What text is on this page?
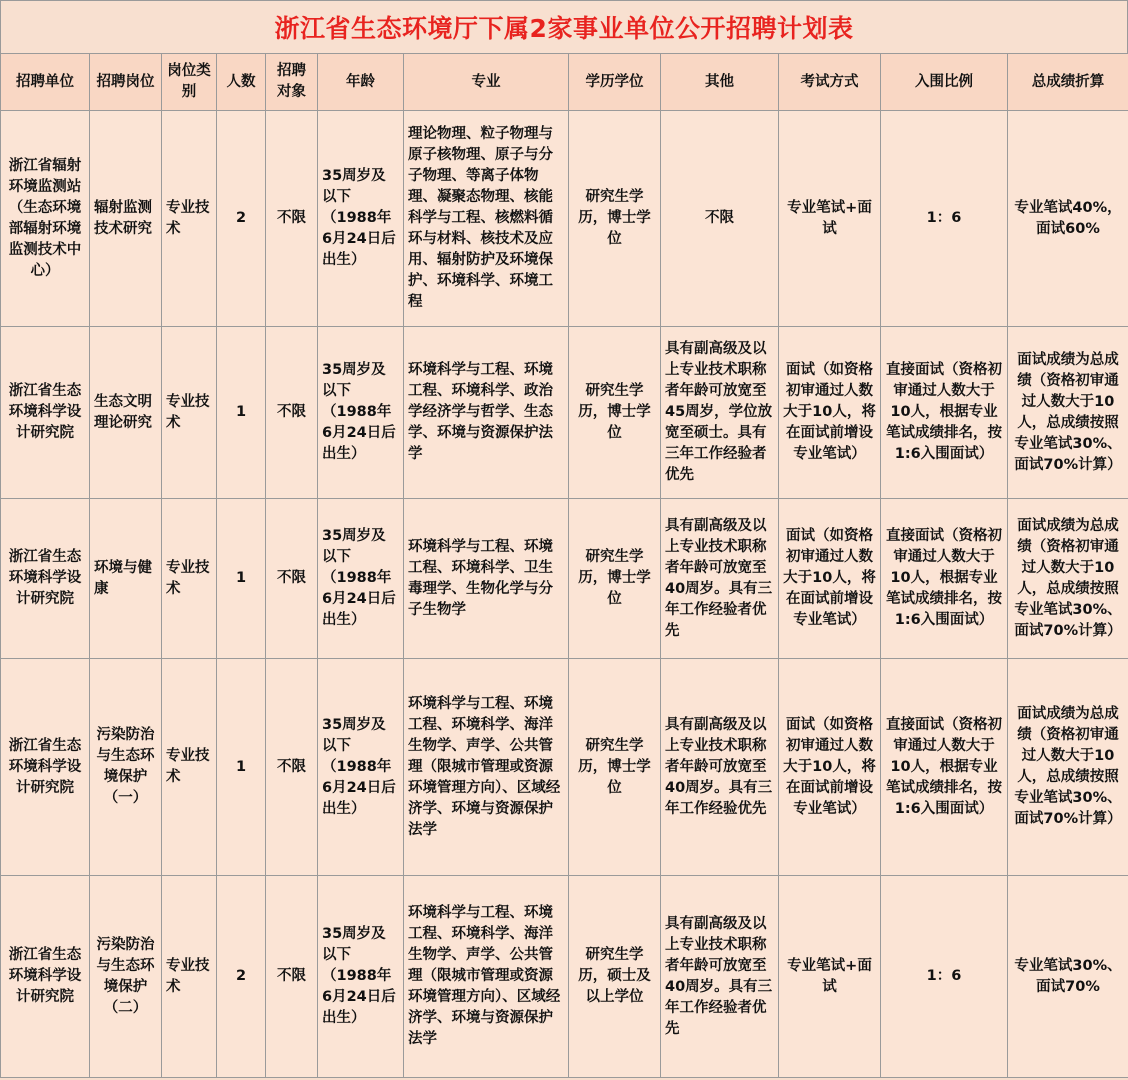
浙江省生态环境厅下属2家事业单位公开招聘计划表
招聘单位	招聘岗位	岗位类别	人数	招聘对象	年龄	专业	学历学位	其他	考试方式	入围比例	总成绩折算
浙江省辐射环境监测站（生态环境部辐射环境监测技术中心）	辐射监测技术研究	专业技术	2	不限	35周岁及以下（1988年6月24日后出生）	理论物理、粒子物理与原子核物理、原子与分子物理、等离子体物理、凝聚态物理、核能科学与工程、核燃料循环与材料、核技术及应用、辐射防护及环境保护、环境科学、环境工程	研究生学历，博士学位	不限	专业笔试+面试	1：6	专业笔试40%，面试60%
浙江省生态环境科学设计研究院	生态文明理论研究	专业技术	1	不限	35周岁及以下（1988年6月24日后出生）	环境科学与工程、环境工程、环境科学、政治学经济学与哲学、生态学、环境与资源保护法学	研究生学历，博士学位	具有副高级及以上专业技术职称者年龄可放宽至45周岁，学位放宽至硕士。具有三年工作经验者优先	面试（如资格初审通过人数大于10人，将在面试前增设专业笔试）	直接面试（资格初审通过人数大于10人，根据专业笔试成绩排名，按1:6入围面试）	面试成绩为总成绩（资格初审通过人数大于10人，总成绩按照专业笔试30%、面试70%计算）
浙江省生态环境科学设计研究院	环境与健康	专业技术	1	不限	35周岁及以下（1988年6月24日后出生）	环境科学与工程、环境工程、环境科学、卫生毒理学、生物化学与分子生物学	研究生学历，博士学位	具有副高级及以上专业技术职称者年龄可放宽至40周岁。具有三年工作经验者优先	面试（如资格初审通过人数大于10人，将在面试前增设专业笔试）	直接面试（资格初审通过人数大于10人，根据专业笔试成绩排名，按1:6入围面试）	面试成绩为总成绩（资格初审通过人数大于10人，总成绩按照专业笔试30%、面试70%计算）
浙江省生态环境科学设计研究院	污染防治与生态环境保护（一）	专业技术	1	不限	35周岁及以下（1988年6月24日后出生）	环境科学与工程、环境工程、环境科学、海洋生物学、声学、公共管理（限城市管理或资源环境管理方向）、区域经济学、环境与资源保护法学	研究生学历，博士学位	具有副高级及以上专业技术职称者年龄可放宽至40周岁。具有三年工作经验优先	面试（如资格初审通过人数大于10人，将在面试前增设专业笔试）	直接面试（资格初审通过人数大于10人，根据专业笔试成绩排名，按1:6入围面试）	面试成绩为总成绩（资格初审通过人数大于10人，总成绩按照专业笔试30%、面试70%计算）
浙江省生态环境科学设计研究院	污染防治与生态环境保护（二）	专业技术	2	不限	35周岁及以下（1988年6月24日后出生）	环境科学与工程、环境工程、环境科学、海洋生物学、声学、公共管理（限城市管理或资源环境管理方向）、区域经济学、环境与资源保护法学	研究生学历，硕士及以上学位	具有副高级及以上专业技术职称者年龄可放宽至40周岁。具有三年工作经验者优先	专业笔试+面试	1：6	专业笔试30%、面试70%
